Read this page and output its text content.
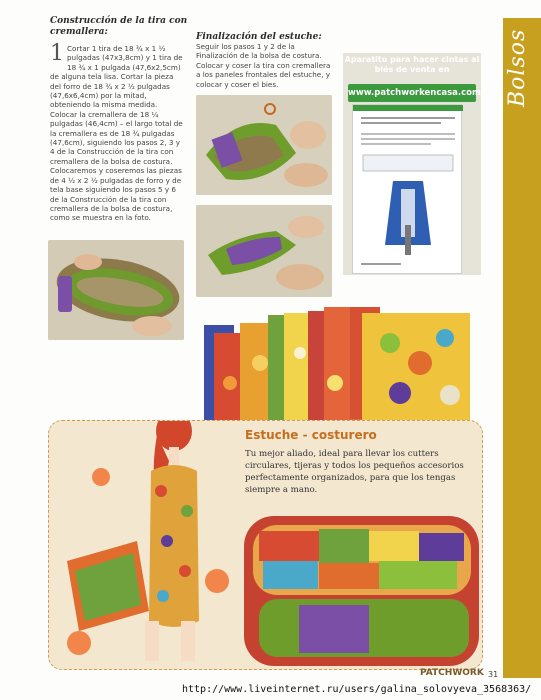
Bolsos
Construcción de la tira con cremallera:
1 Cortar 1 tira de 18 ¾ x 1 ½ pulgadas (47x3,8cm) y 1 tira de 18 ¾ x 1 pulgada (47,6x2,5cm) de alguna tela lisa. Cortar la pieza del forro de 18 ¾ x 2 ½ pulgadas (47,6x6,4cm) por la mitad, obteniendo la misma medida. Colocar la cremallera de 18 ¼ pulgadas (46,4cm) – el largo total de la cremallera es de 18 ¾ pulgadas (47,6cm), siguiendo los pasos 2, 3 y 4 de la Construcción de la tira con cremallera de la bolsa de costura. Colocaremos y coseremos las piezas de 4 ½ x 2 ½ pulgadas de forro y de tela base siguiendo los pasos 5 y 6 de la Construcción de la tira con cremallera de la bolsa de costura, como se muestra en la foto.
Finalización del estuche:
Seguir los pasos 1 y 2 de la Finalización de la bolsa de costura. Colocar y coser la tira con cremallera a los paneles frontales del estuche, y colocar y coser el bies.
Aparatito para hacer cintas al biés de venta en
www.patchworkencasa.com
Estuche - costurero
Tu mejor aliado, ideal para llevar los cutters circulares, tijeras y todos los pequeños accesorios perfectamente organizados, para que los tengas siempre a mano.
PATCHWORK 31
http://www.liveinternet.ru/users/galina_solovyeva_3568363/
